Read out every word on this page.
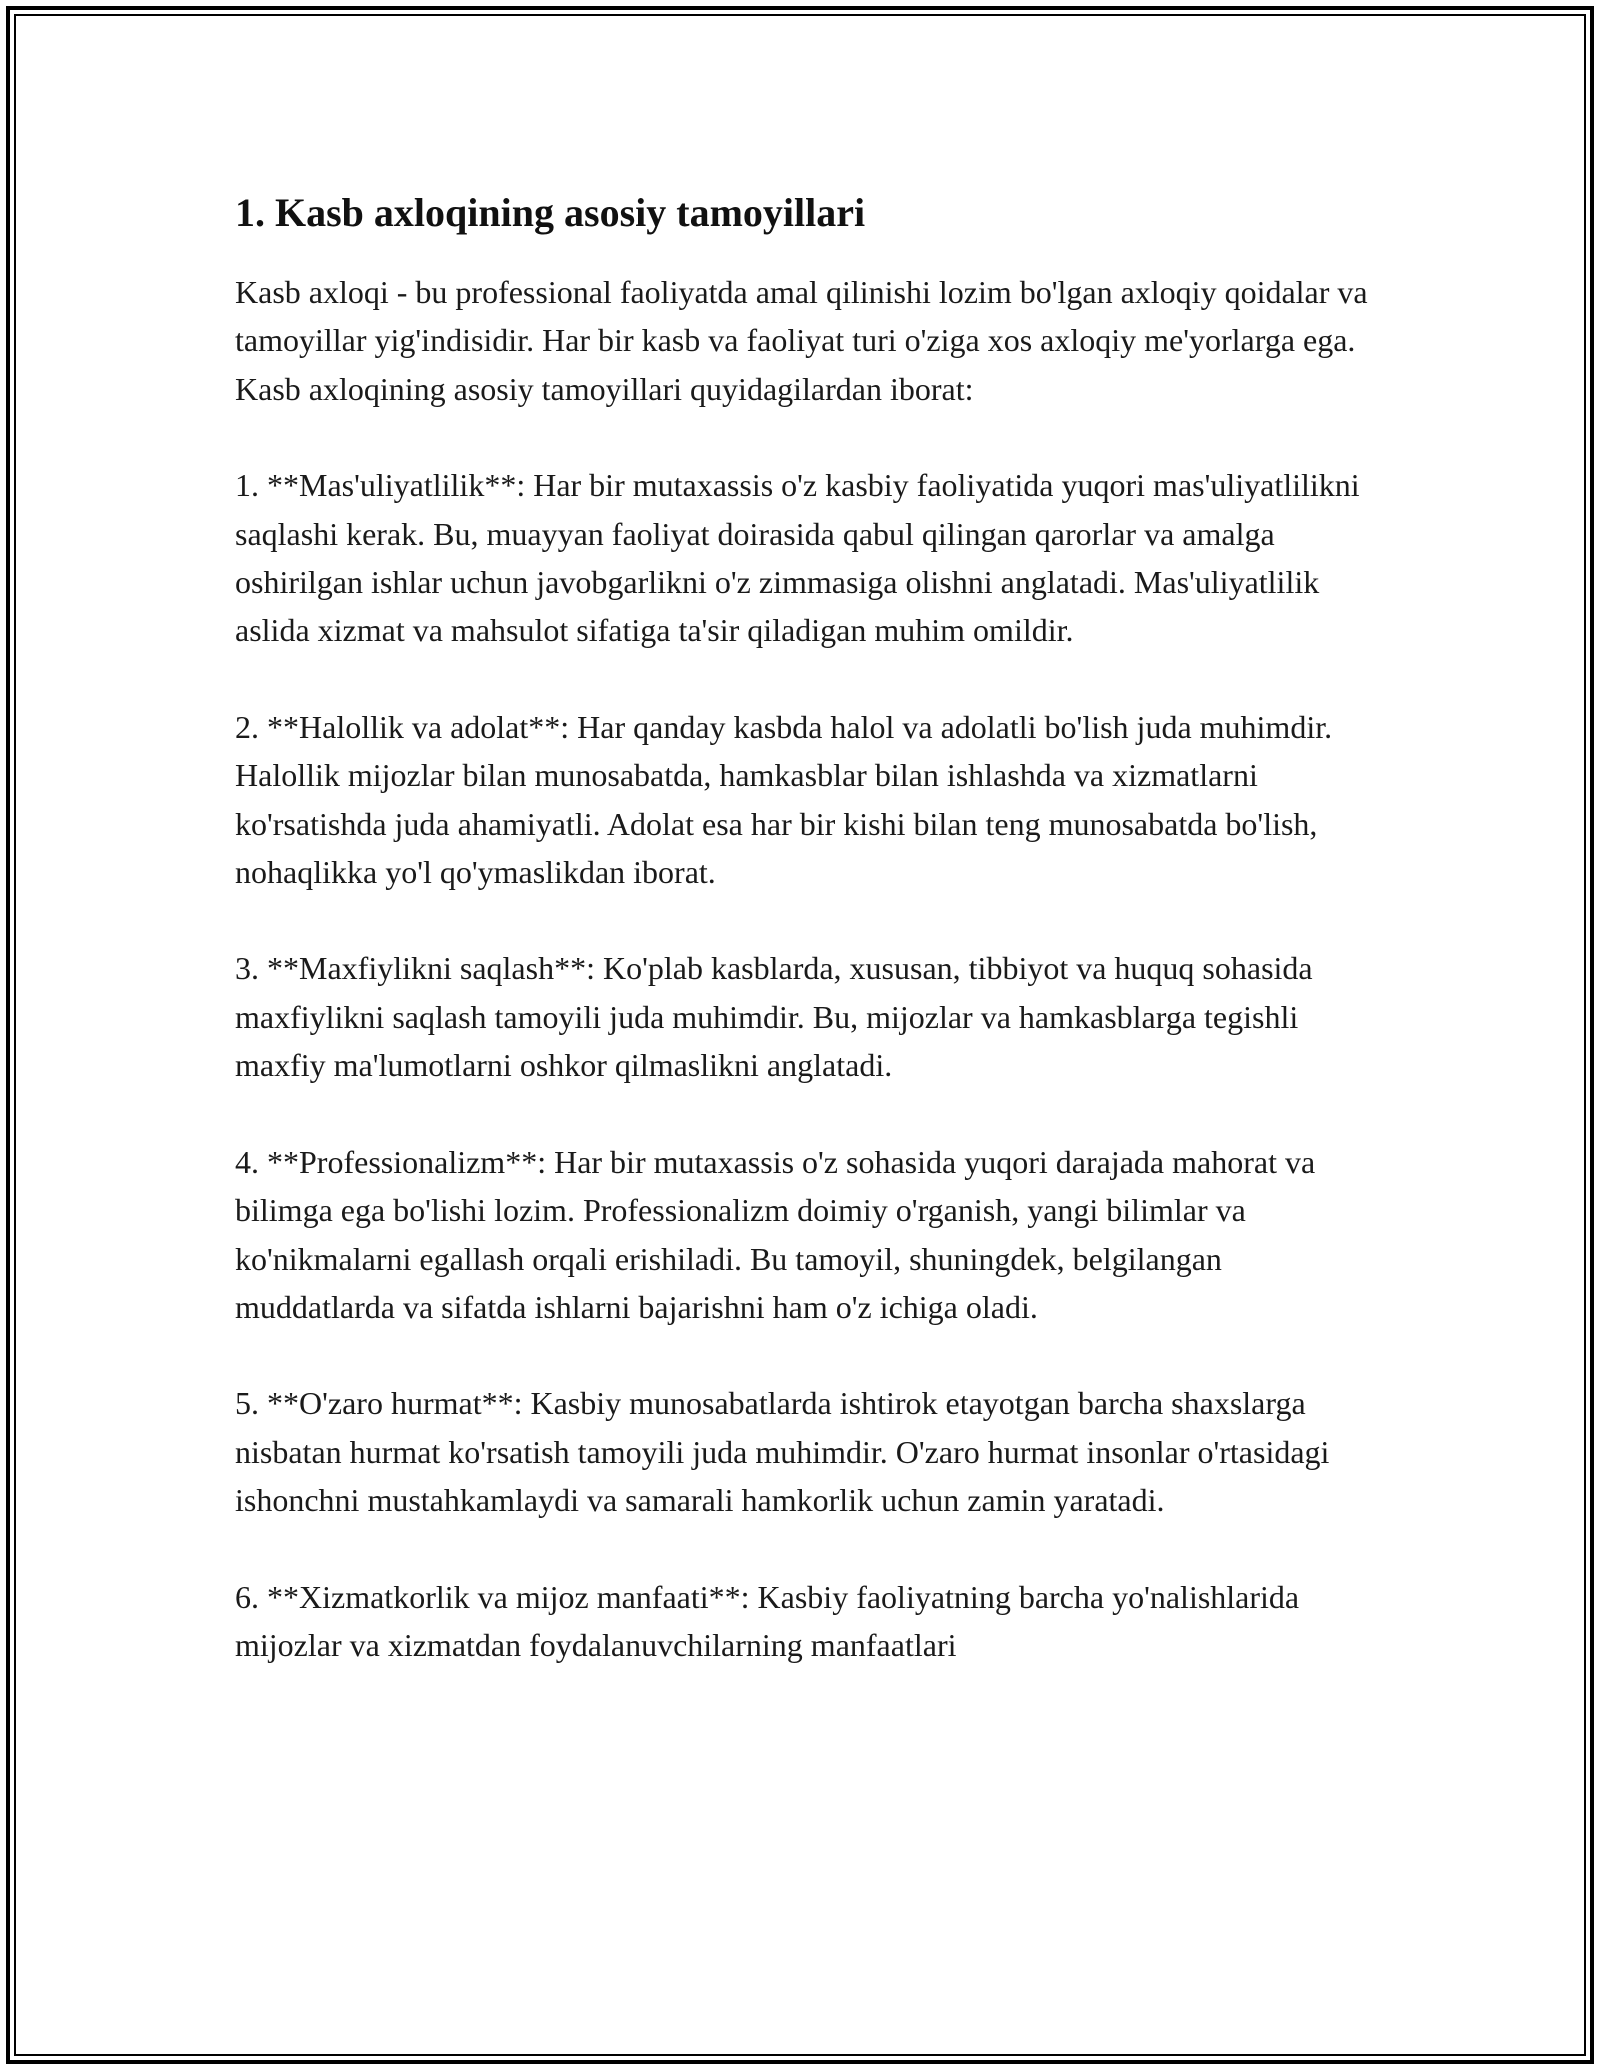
1. Kasb axloqining asosiy tamoyillari

Kasb axloqi - bu professional faoliyatda amal qilinishi lozim bo'lgan axloqiy qoidalar va tamoyillar yig'indisidir. Har bir kasb va faoliyat turi o'ziga xos axloqiy me'yorlarga ega. Kasb axloqining asosiy tamoyillari quyidagilardan iborat:

1. **Mas'uliyatlilik**: Har bir mutaxassis o'z kasbiy faoliyatida yuqori mas'uliyatlilikni saqlashi kerak. Bu, muayyan faoliyat doirasida qabul qilingan qarorlar va amalga oshirilgan ishlar uchun javobgarlikni o'z zimmasiga olishni anglatadi. Mas'uliyatlilik aslida xizmat va mahsulot sifatiga ta'sir qiladigan muhim omildir.

2. **Halollik va adolat**: Har qanday kasbda halol va adolatli bo'lish juda muhimdir. Halollik mijozlar bilan munosabatda, hamkasblar bilan ishlashda va xizmatlarni ko'rsatishda juda ahamiyatli. Adolat esa har bir kishi bilan teng munosabatda bo'lish, nohaqlikka yo'l qo'ymaslikdan iborat.

3. **Maxfiylikni saqlash**: Ko'plab kasblarda, xususan, tibbiyot va huquq sohasida maxfiylikni saqlash tamoyili juda muhimdir. Bu, mijozlar va hamkasblarga tegishli maxfiy ma'lumotlarni oshkor qilmaslikni anglatadi.

4. **Professionalizm**: Har bir mutaxassis o'z sohasida yuqori darajada mahorat va bilimga ega bo'lishi lozim. Professionalizm doimiy o'rganish, yangi bilimlar va ko'nikmalarni egallash orqali erishiladi. Bu tamoyil, shuningdek, belgilangan muddatlarda va sifatda ishlarni bajarishni ham o'z ichiga oladi.

5. **O'zaro hurmat**: Kasbiy munosabatlarda ishtirok etayotgan barcha shaxslarga nisbatan hurmat ko'rsatish tamoyili juda muhimdir. O'zaro hurmat insonlar o'rtasidagi ishonchni mustahkamlaydi va samarali hamkorlik uchun zamin yaratadi.

6. **Xizmatkorlik va mijoz manfaati**: Kasbiy faoliyatning barcha yo'nalishlarida mijozlar va xizmatdan foydalanuvchilarning manfaatlari
